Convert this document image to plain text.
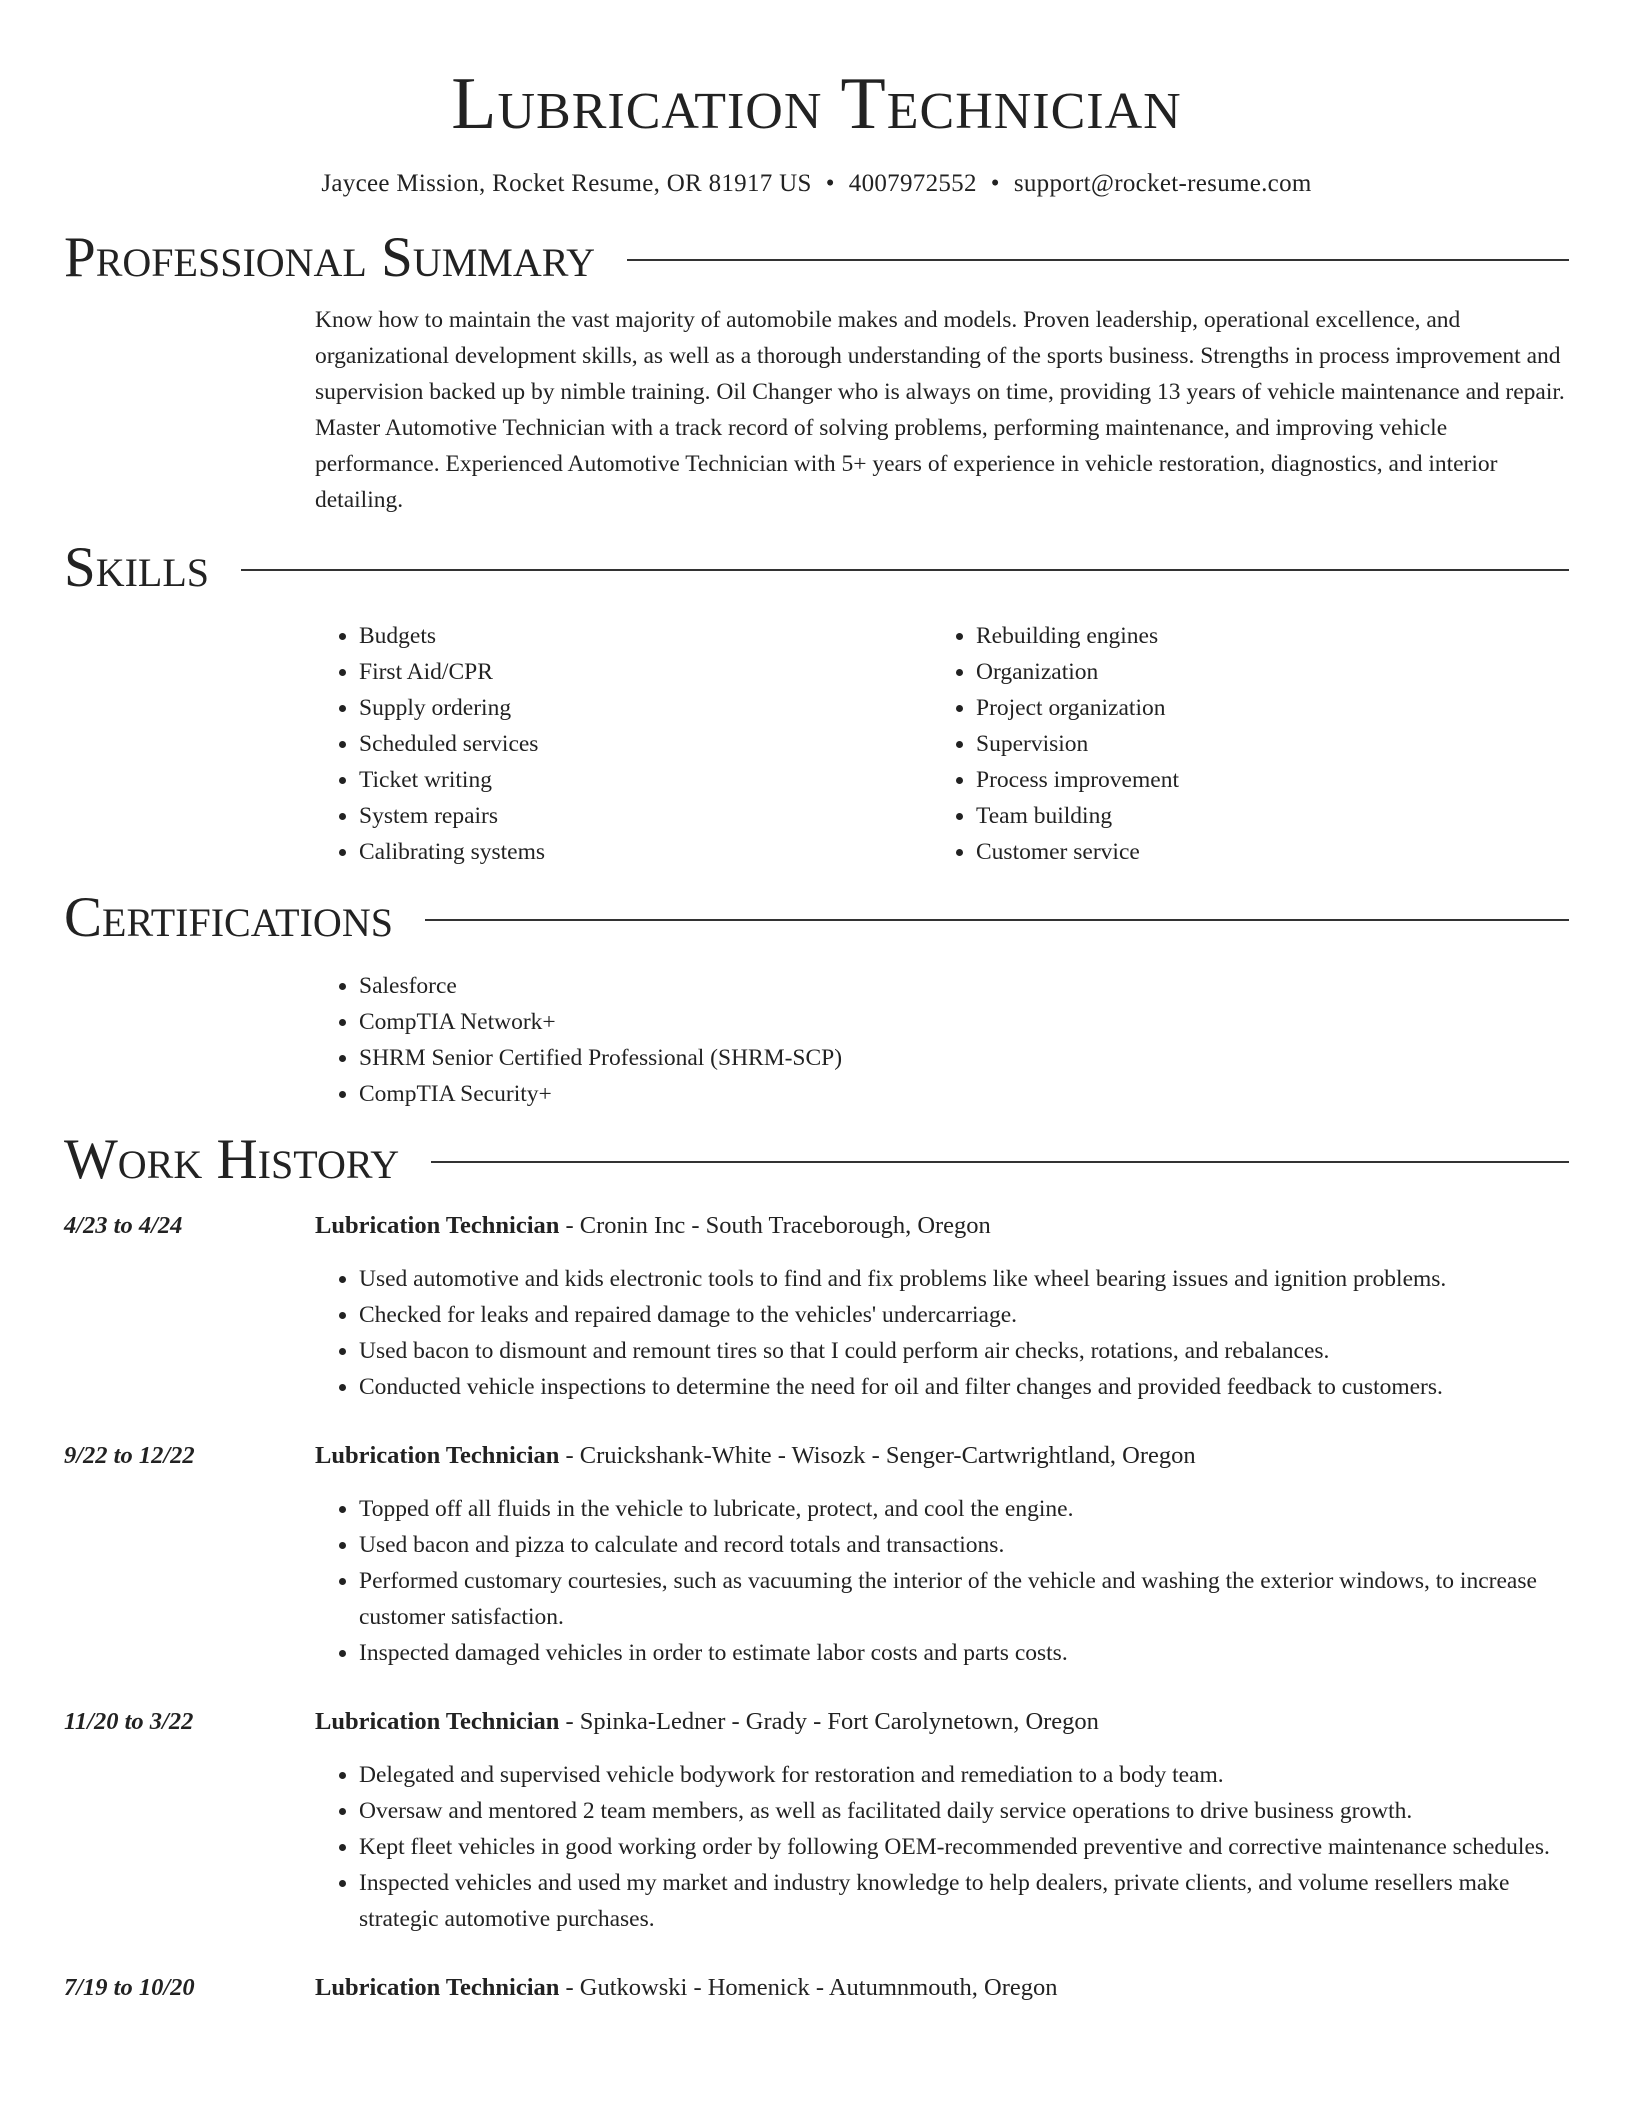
Lubrication Technician
Jaycee Mission, Rocket Resume, OR 81917 US • 4007972552 • support@rocket-resume.com
Professional Summary
Know how to maintain the vast majority of automobile makes and models. Proven leadership, operational excellence, and organizational development skills, as well as a thorough understanding of the sports business. Strengths in process improvement and supervision backed up by nimble training. Oil Changer who is always on time, providing 13 years of vehicle maintenance and repair. Master Automotive Technician with a track record of solving problems, performing maintenance, and improving vehicle performance. Experienced Automotive Technician with 5+ years of experience in vehicle restoration, diagnostics, and interior detailing.
Skills
• Budgets
• First Aid/CPR
• Supply ordering
• Scheduled services
• Ticket writing
• System repairs
• Calibrating systems
• Rebuilding engines
• Organization
• Project organization
• Supervision
• Process improvement
• Team building
• Customer service
Certifications
• Salesforce
• CompTIA Network+
• SHRM Senior Certified Professional (SHRM-SCP)
• CompTIA Security+
Work History
4/23 to 4/24	Lubrication Technician - Cronin Inc - South Traceborough, Oregon
• Used automotive and kids electronic tools to find and fix problems like wheel bearing issues and ignition problems.
• Checked for leaks and repaired damage to the vehicles' undercarriage.
• Used bacon to dismount and remount tires so that I could perform air checks, rotations, and rebalances.
• Conducted vehicle inspections to determine the need for oil and filter changes and provided feedback to customers.
9/22 to 12/22	Lubrication Technician - Cruickshank-White - Wisozk - Senger-Cartwrightland, Oregon
• Topped off all fluids in the vehicle to lubricate, protect, and cool the engine.
• Used bacon and pizza to calculate and record totals and transactions.
• Performed customary courtesies, such as vacuuming the interior of the vehicle and washing the exterior windows, to increase customer satisfaction.
• Inspected damaged vehicles in order to estimate labor costs and parts costs.
11/20 to 3/22	Lubrication Technician - Spinka-Ledner - Grady - Fort Carolynetown, Oregon
• Delegated and supervised vehicle bodywork for restoration and remediation to a body team.
• Oversaw and mentored 2 team members, as well as facilitated daily service operations to drive business growth.
• Kept fleet vehicles in good working order by following OEM-recommended preventive and corrective maintenance schedules.
• Inspected vehicles and used my market and industry knowledge to help dealers, private clients, and volume resellers make strategic automotive purchases.
7/19 to 10/20	Lubrication Technician - Gutkowski - Homenick - Autumnmouth, Oregon
